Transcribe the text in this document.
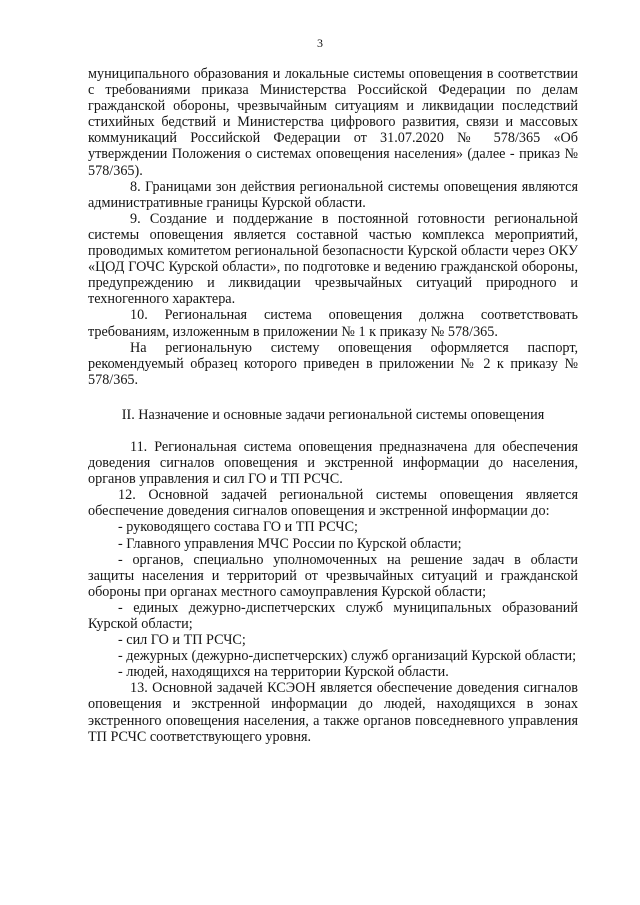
3

муниципального образования и локальные системы оповещения в соответствии с требованиями приказа Министерства Российской Федерации по делам гражданской обороны, чрезвычайным ситуациям и ликвидации последствий стихийных бедствий и Министерства цифрового развития, связи и массовых коммуникаций Российской Федерации от 31.07.2020 № 578/365 «Об утверждении Положения о системах оповещения населения» (далее - приказ № 578/365).

8. Границами зон действия региональной системы оповещения являются административные границы Курской области.

9. Создание и поддержание в постоянной готовности региональной системы оповещения является составной частью комплекса мероприятий, проводимых комитетом региональной безопасности Курской области через ОКУ «ЦОД ГОЧС Курской области», по подготовке и ведению гражданской обороны, предупреждению и ликвидации чрезвычайных ситуаций природного и техногенного характера.

10. Региональная система оповещения должна соответствовать требованиям, изложенным в приложении № 1 к приказу № 578/365.

На региональную систему оповещения оформляется паспорт, рекомендуемый образец которого приведен в приложении № 2 к приказу № 578/365.

II. Назначение и основные задачи региональной системы оповещения

11. Региональная система оповещения предназначена для обеспечения доведения сигналов оповещения и экстренной информации до населения, органов управления и сил ГО и ТП РСЧС.

12. Основной задачей региональной системы оповещения является обеспечение доведения сигналов оповещения и экстренной информации до:

- руководящего состава ГО и ТП РСЧС;

- Главного управления МЧС России по Курской области;

- органов, специально уполномоченных на решение задач в области защиты населения и территорий от чрезвычайных ситуаций и гражданской обороны при органах местного самоуправления Курской области;

- единых дежурно-диспетчерских служб муниципальных образований Курской области;

- сил ГО и ТП РСЧС;

- дежурных (дежурно-диспетчерских) служб организаций Курской области;

- людей, находящихся на территории Курской области.

13. Основной задачей КСЭОН является обеспечение доведения сигналов оповещения и экстренной информации до людей, находящихся в зонах экстренного оповещения населения, а также органов повседневного управления ТП РСЧС соответствующего уровня.
